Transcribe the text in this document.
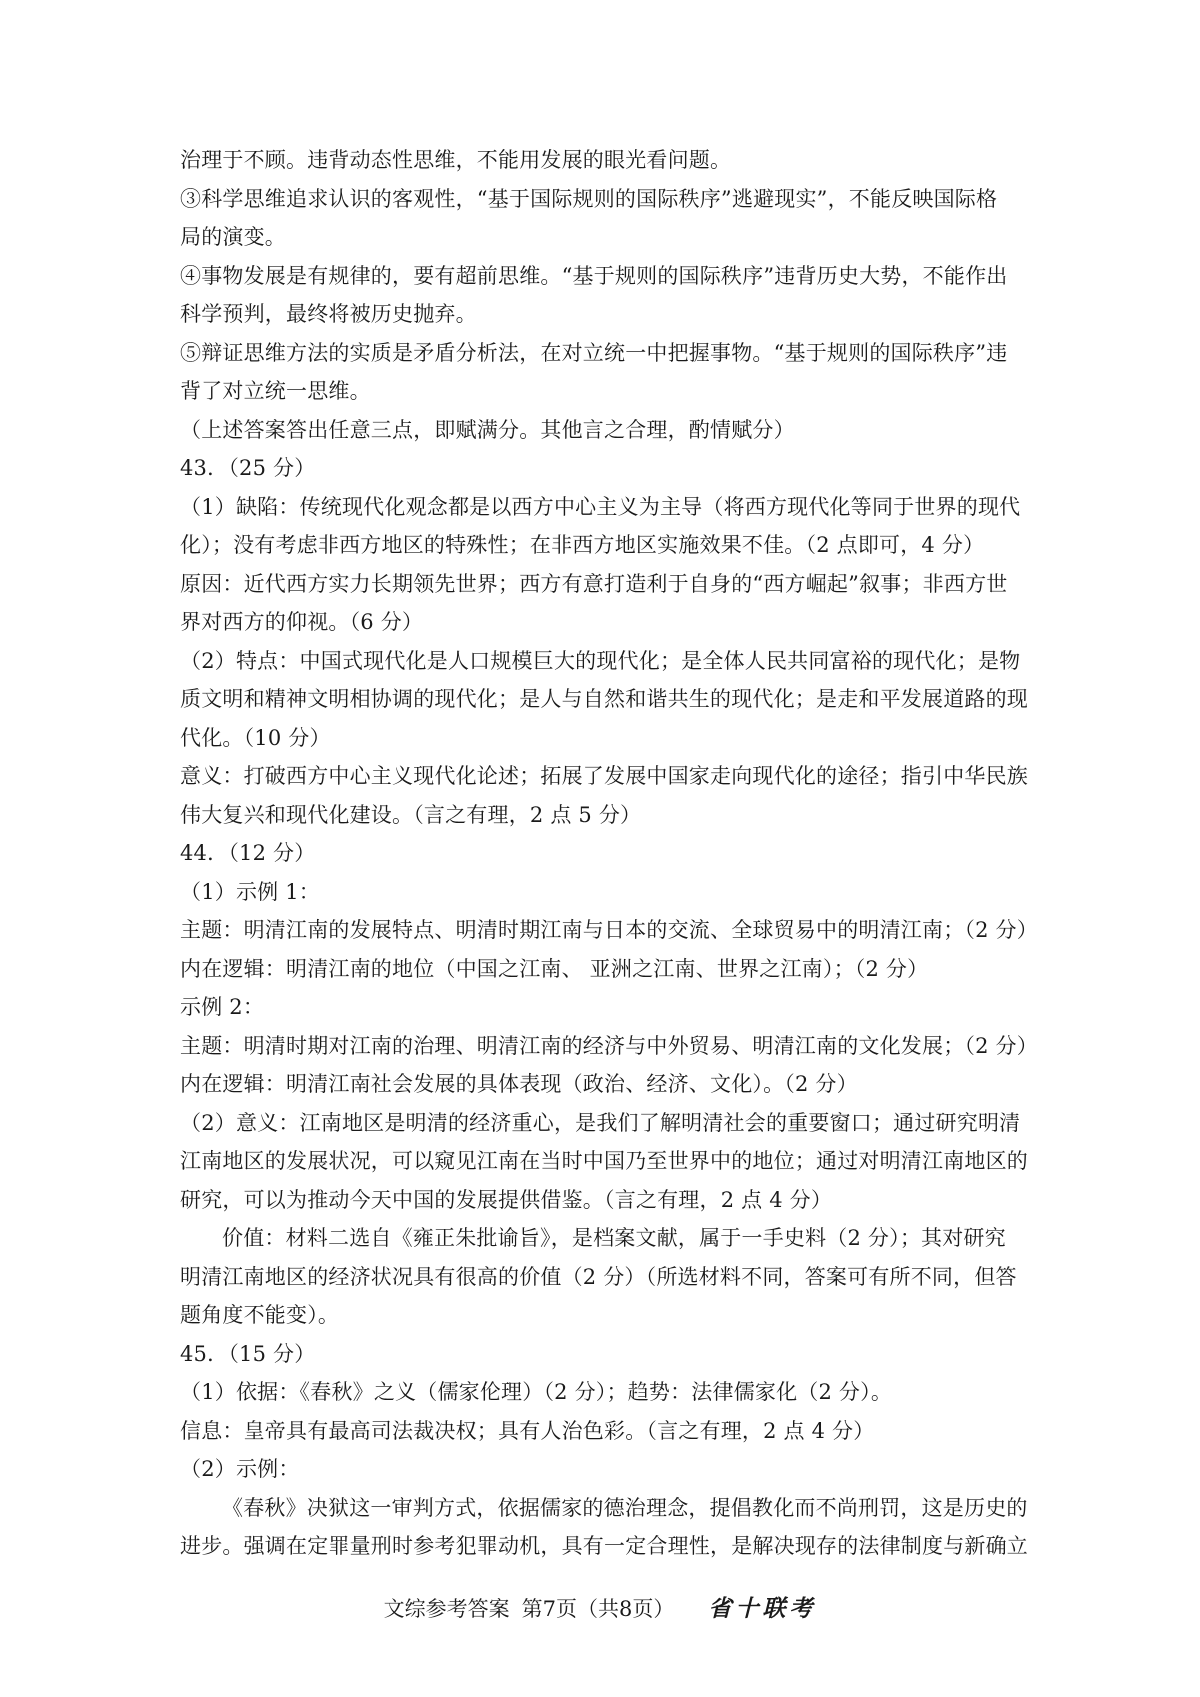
治理于不顾。违背动态性思维，不能用发展的眼光看问题。
③科学思维追求认识的客观性，“基于国际规则的国际秩序”逃避现实”，不能反映国际格
局的演变。
④事物发展是有规律的，要有超前思维。“基于规则的国际秩序”违背历史大势，不能作出
科学预判，最终将被历史抛弃。
⑤辩证思维方法的实质是矛盾分析法，在对立统一中把握事物。“基于规则的国际秩序”违
背了对立统一思维。
（上述答案答出任意三点，即赋满分。其他言之合理，酌情赋分）
43．（25 分）
（1）缺陷：传统现代化观念都是以西方中心主义为主导（将西方现代化等同于世界的现代
化）；没有考虑非西方地区的特殊性；在非西方地区实施效果不佳。（2 点即可，4 分）
原因：近代西方实力长期领先世界；西方有意打造利于自身的“西方崛起”叙事；非西方世
界对西方的仰视。（6 分）
（2）特点：中国式现代化是人口规模巨大的现代化；是全体人民共同富裕的现代化；是物
质文明和精神文明相协调的现代化；是人与自然和谐共生的现代化；是走和平发展道路的现
代化。（10 分）
意义：打破西方中心主义现代化论述；拓展了发展中国家走向现代化的途径；指引中华民族
伟大复兴和现代化建设。（言之有理，2 点 5 分）
44．（12 分）
（1）示例 1：
主题：明清江南的发展特点、明清时期江南与日本的交流、全球贸易中的明清江南；（2 分）
内在逻辑：明清江南的地位（中国之江南、 亚洲之江南、世界之江南）；（2 分）
示例 2：
主题：明清时期对江南的治理、明清江南的经济与中外贸易、明清江南的文化发展；（2 分）
内在逻辑：明清江南社会发展的具体表现（政治、经济、文化）。（2 分）
（2）意义：江南地区是明清的经济重心，是我们了解明清社会的重要窗口；通过研究明清
江南地区的发展状况，可以窥见江南在当时中国乃至世界中的地位；通过对明清江南地区的
研究，可以为推动今天中国的发展提供借鉴。（言之有理，2 点 4 分）
价值：材料二选自《雍正朱批谕旨》，是档案文献，属于一手史料（2 分）；其对研究
明清江南地区的经济状况具有很高的价值（2 分）（所选材料不同，答案可有所不同，但答
题角度不能变）。
45．（15 分）
（1）依据：《春秋》之义（儒家伦理）（2 分）；趋势：法律儒家化（2 分）。
信息：皇帝具有最高司法裁决权；具有人治色彩。（言之有理，2 点 4 分）
（2）示例：
《春秋》决狱这一审判方式，依据儒家的德治理念，提倡教化而不尚刑罚，这是历史的
进步。强调在定罪量刑时参考犯罪动机，具有一定合理性，是解决现存的法律制度与新确立
文综参考答案 第7页（共8页） 省十联考
